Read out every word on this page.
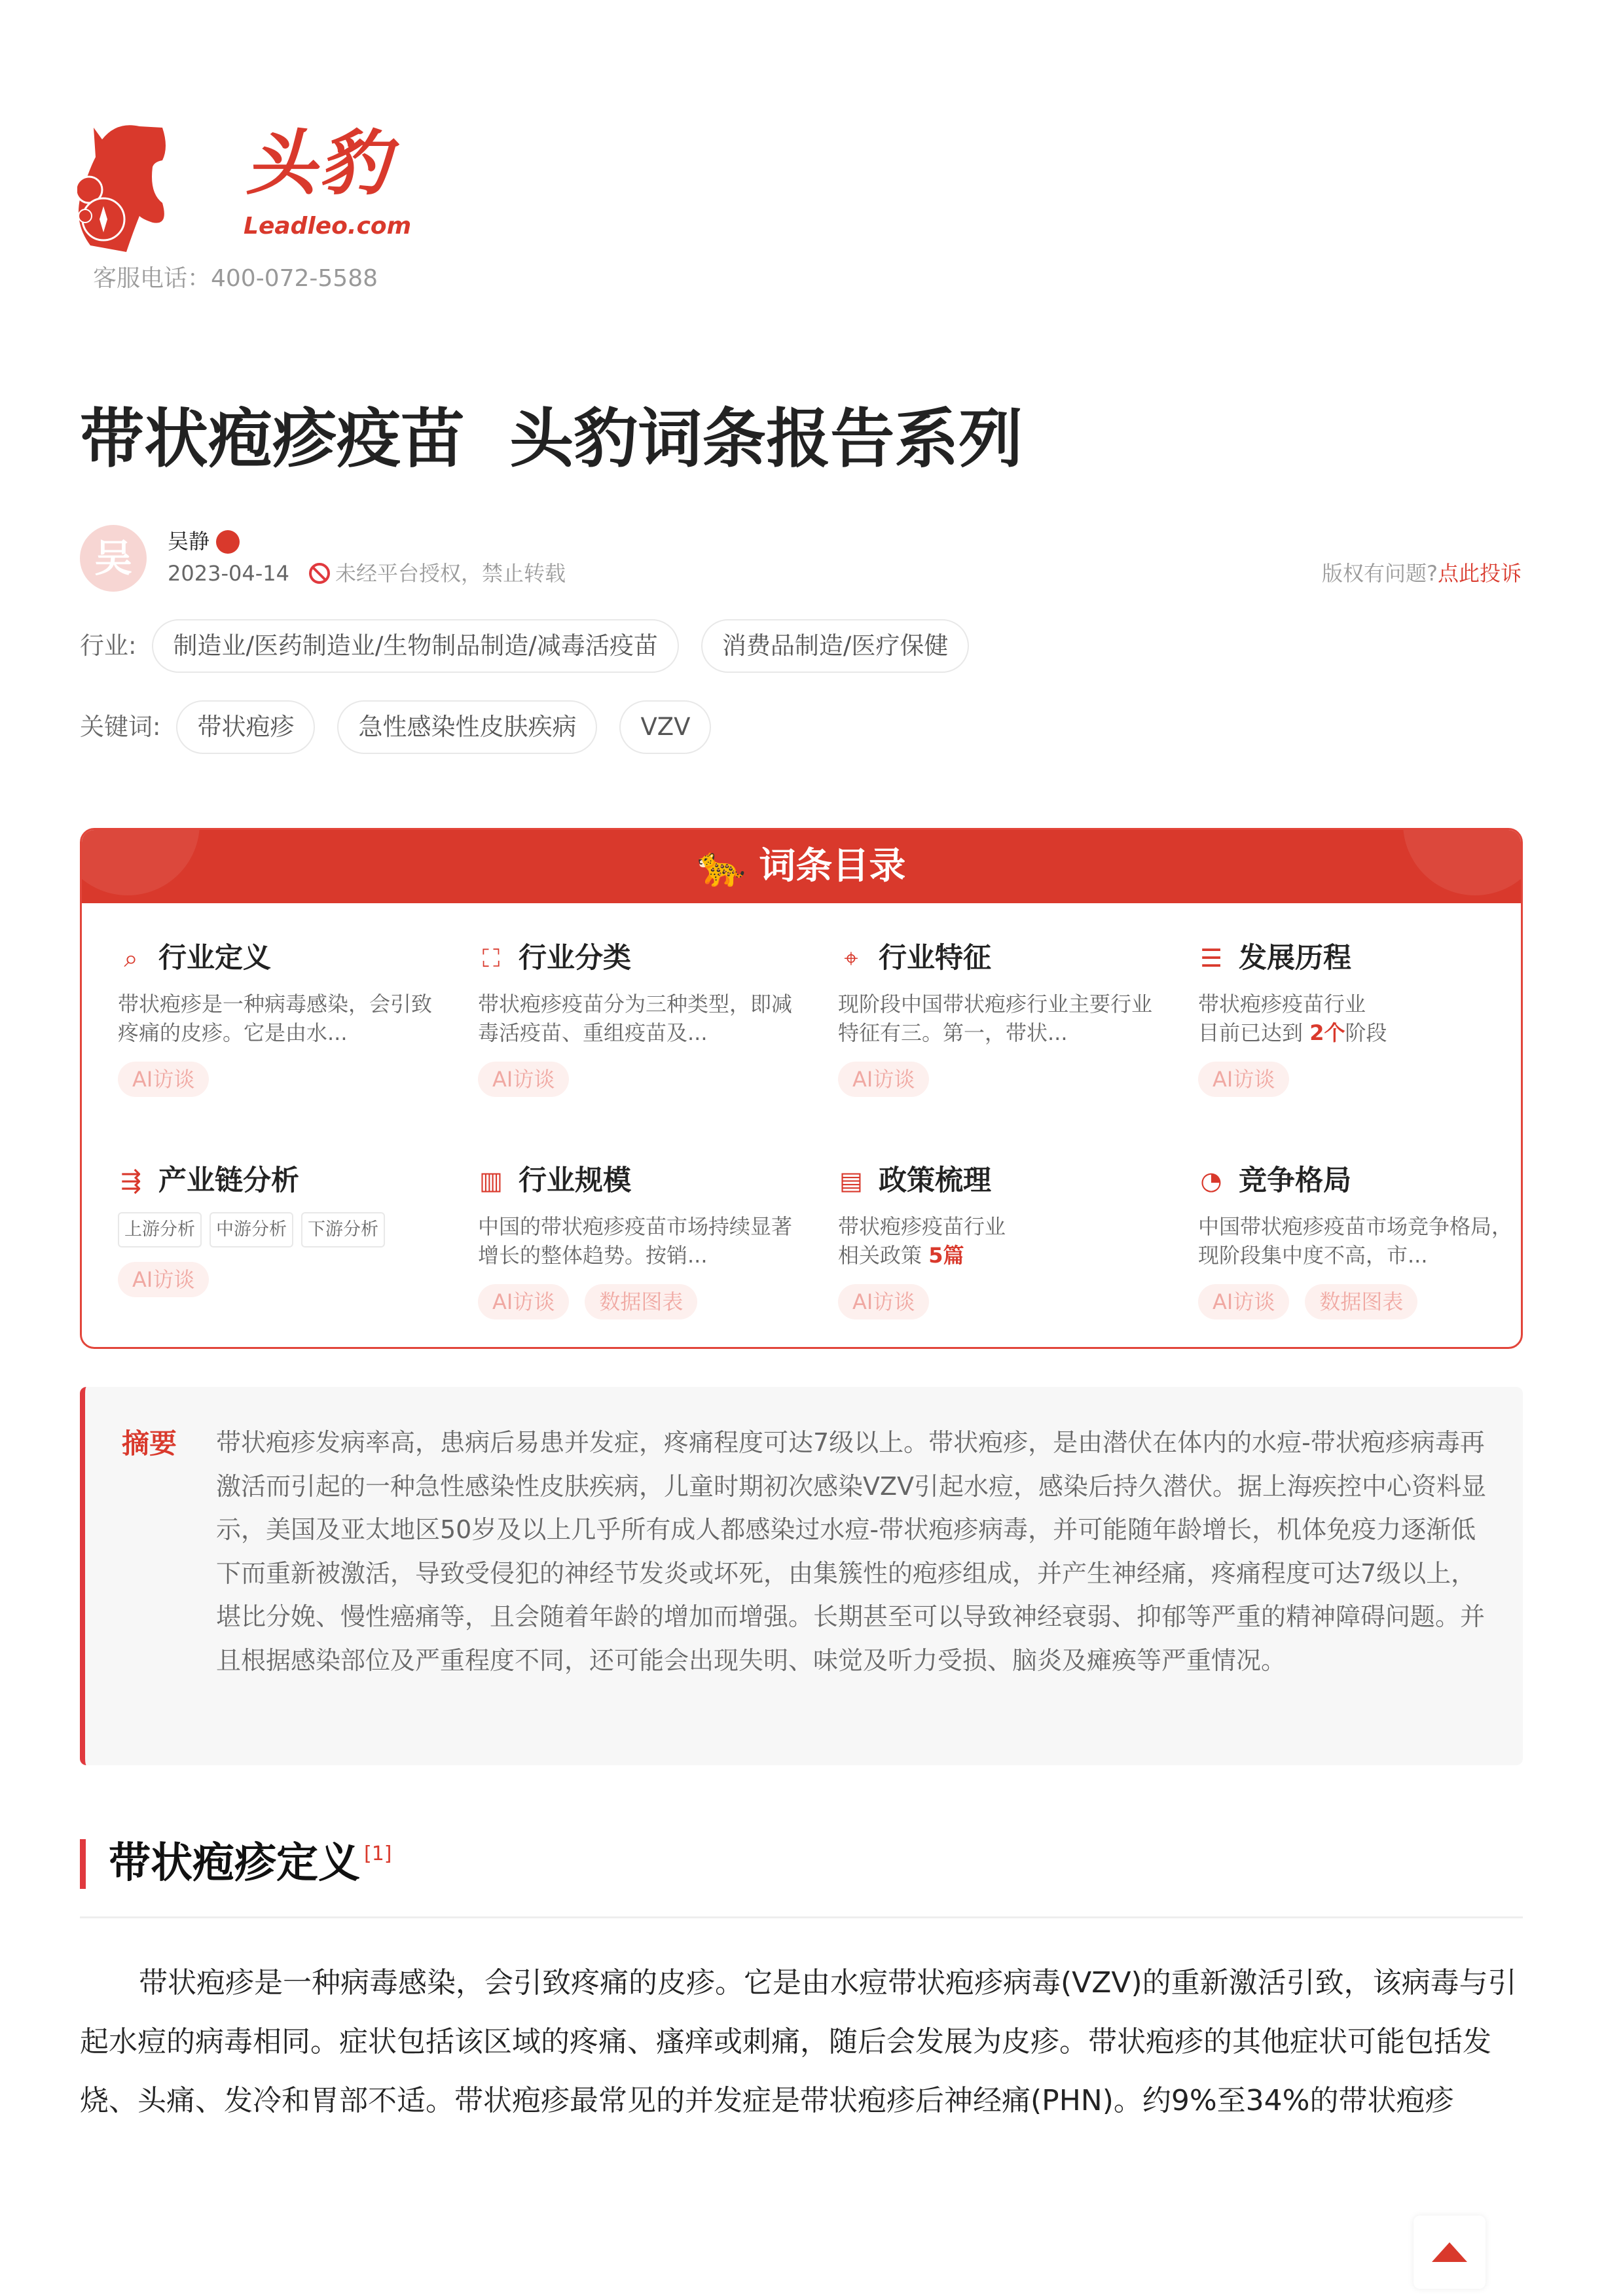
头豹
Leadleo.com
客服电话：400-072-5588
带状疱疹疫苗  头豹词条报告系列
吴	吴静
2023-04-14 未经平台授权，禁止转载	版权有问题?点此投诉
行业:	制造业/医药制造业/生物制品制造/减毒活疫苗	消费品制造/医疗保健
关键词:	带状疱疹	急性感染性皮肤疾病	VZV
🐆 词条目录
⌕ 行业定义
带状疱疹是一种病毒感染，会引致疼痛的皮疹。它是由水...
AI访谈
⛶ 行业分类
带状疱疹疫苗分为三种类型，即减毒活疫苗、重组疫苗及...
AI访谈
⌖ 行业特征
现阶段中国带状疱疹行业主要行业特征有三。第一，带状...
AI访谈
☰ 发展历程
带状疱疹疫苗行业
目前已达到 2个阶段
AI访谈
⇶ 产业链分析
上游分析	中游分析	下游分析
AI访谈
▥ 行业规模
中国的带状疱疹疫苗市场持续显著增长的整体趋势。按销...
AI访谈	数据图表
▤ 政策梳理
带状疱疹疫苗行业
相关政策 5篇
AI访谈
◔ 竞争格局
中国带状疱疹疫苗市场竞争格局，现阶段集中度不高，市...
AI访谈	数据图表
摘要 带状疱疹发病率高，患病后易患并发症，疼痛程度可达7级以上。带状疱疹，是由潜伏在体内的水痘-带状疱疹病毒再激活而引起的一种急性感染性皮肤疾病，儿童时期初次感染VZV引起水痘，感染后持久潜伏。据上海疾控中心资料显示，美国及亚太地区50岁及以上几乎所有成人都感染过水痘-带状疱疹病毒，并可能随年龄增长，机体免疫力逐渐低下而重新被激活，导致受侵犯的神经节发炎或坏死，由集簇性的疱疹组成，并产生神经痛，疼痛程度可达7级以上，堪比分娩、慢性癌痛等，且会随着年龄的增加而增强。长期甚至可以导致神经衰弱、抑郁等严重的精神障碍问题。并且根据感染部位及严重程度不同，还可能会出现失明、味觉及听力受损、脑炎及瘫痪等严重情况。
带状疱疹定义 [1]

带状疱疹是一种病毒感染，会引致疼痛的皮疹。它是由水痘带状疱疹病毒(VZV)的重新激活引致，该病毒与引起水痘的病毒相同。症状包括该区域的疼痛、瘙痒或刺痛，随后会发展为皮疹。带状疱疹的其他症状可能包括发烧、头痛、发冷和胃部不适。带状疱疹最常见的并发症是带状疱疹后神经痛(PHN)。约9%至34%的带状疱疹
